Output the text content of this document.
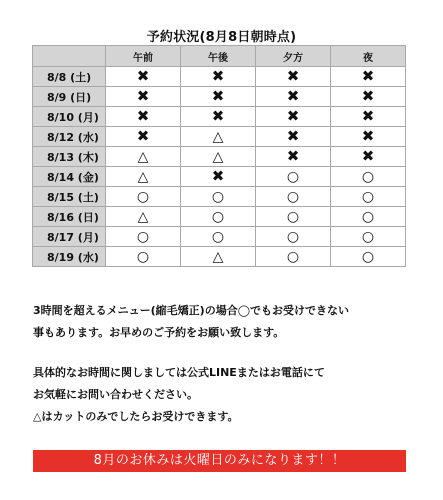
予約状況(8月8日朝時点)
	午前	午後	夕方	夜
8/8 (土)	✖	✖	✖	✖
8/9 (日)	✖	✖	✖	✖
8/10 (月)	✖	✖	✖	✖
8/12 (水)	✖	△	✖	✖
8/13 (木)	△	△	✖	✖
8/14 (金)	△	✖	○	○
8/15 (土)	○	○	○	○
8/16 (日)	△	○	○	○
8/17 (月)	○	○	○	○
8/19 (水)	○	△	○	○

3時間を超えるメニュー(縮毛矯正)の場合◯でもお受けできない

事もあります。お早めのご予約をお願い致します。

具体的なお時間に関しましては公式LINEまたはお電話にて

お気軽にお問い合わせください。

△はカットのみでしたらお受けできます。

8月のお休みは火曜日のみになります！！
